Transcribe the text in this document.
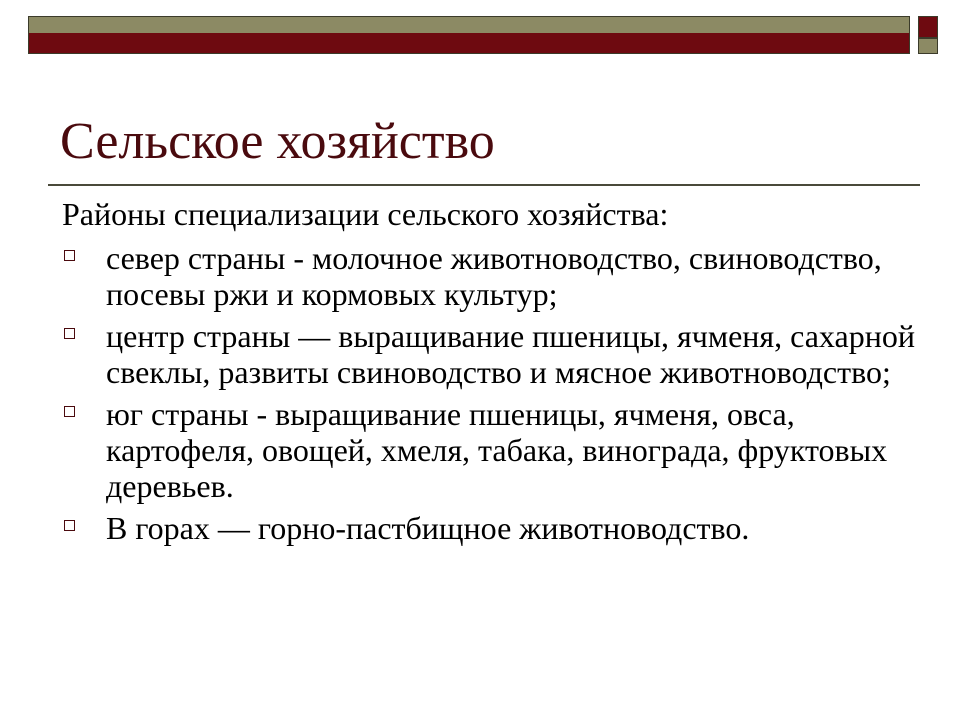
Сельское хозяйство

Районы специализации сельского хозяйства:

север страны - молочное животноводство, свиноводство, посевы ржи и кормовых культур;
центр страны — выращивание пшеницы, ячменя, сахарной свеклы, развиты свиноводство и мясное животноводство;
юг страны - выращивание пшеницы, ячменя, овса, картофеля, овощей, хмеля, табака, винограда, фруктовых деревьев.
В горах — горно-пастбищное животноводство.
